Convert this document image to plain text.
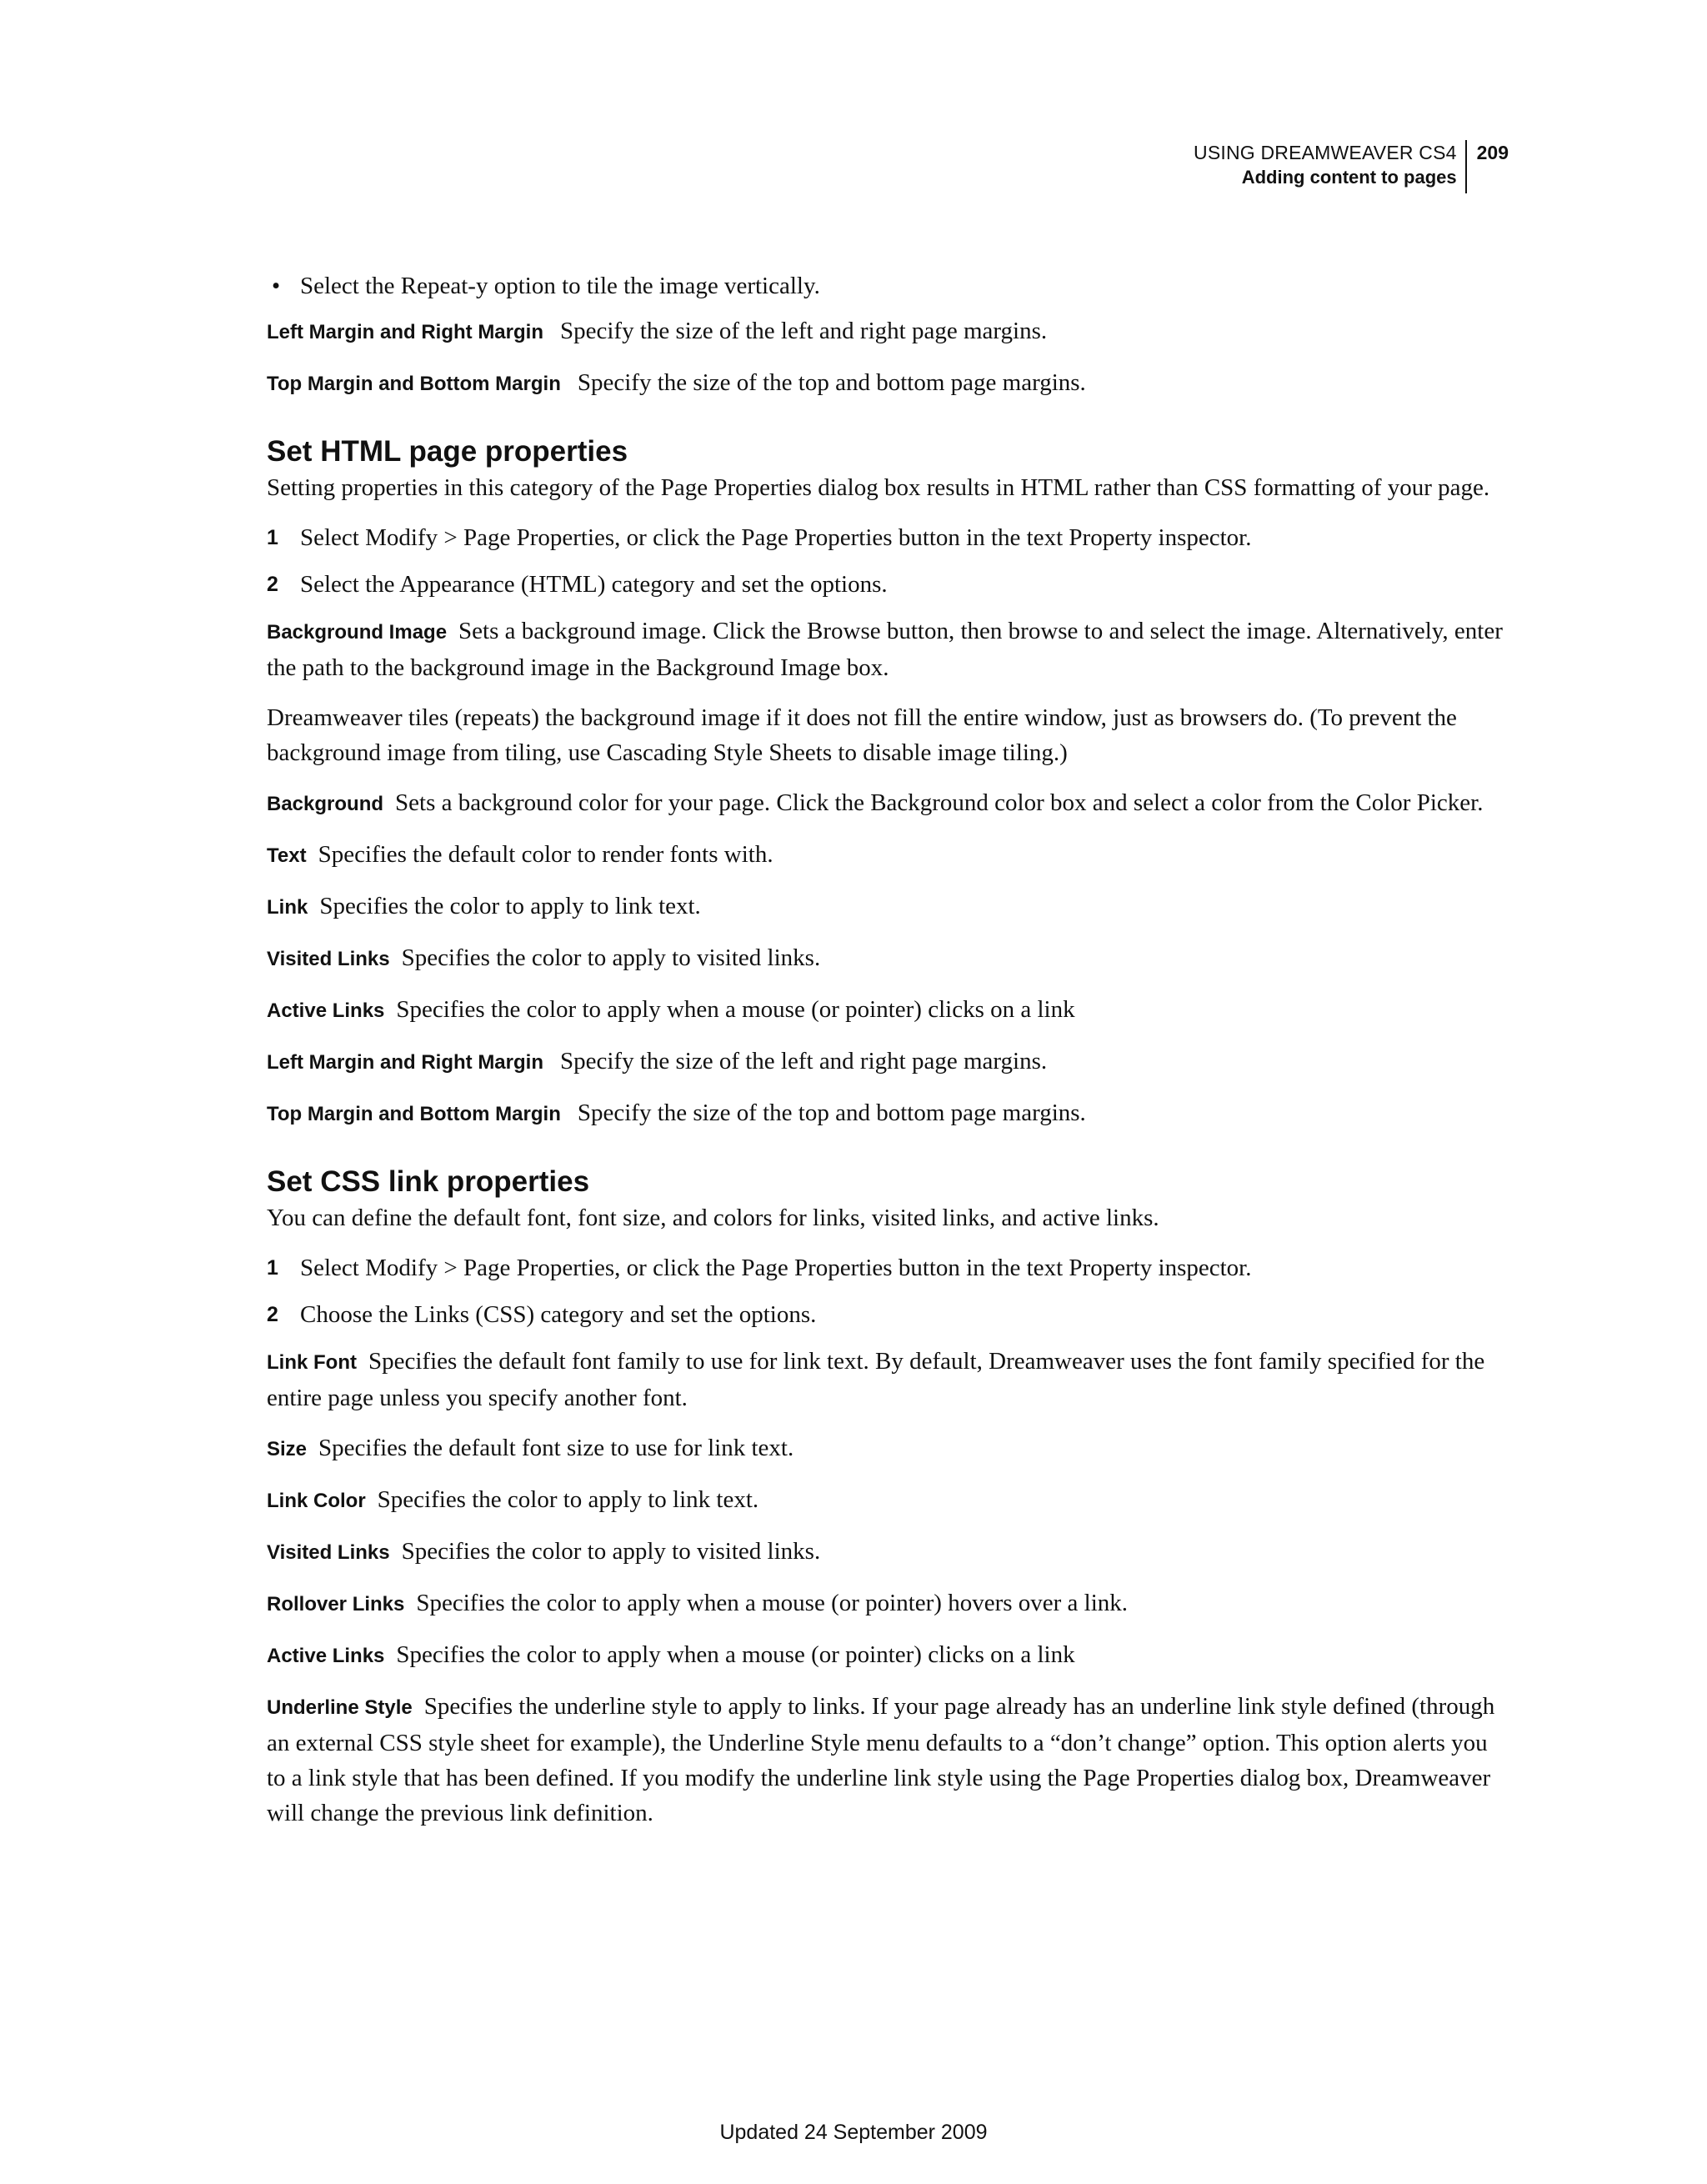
USING DREAMWEAVER CS4
Adding content to pages
209
• Select the Repeat-y option to tile the image vertically.

Left Margin and Right Margin Specify the size of the left and right page margins.

Top Margin and Bottom Margin Specify the size of the top and bottom page margins.

Set HTML page properties

Setting properties in this category of the Page Properties dialog box results in HTML rather than CSS formatting of your page.

1 Select Modify > Page Properties, or click the Page Properties button in the text Property inspector.
2 Select the Appearance (HTML) category and set the options.

Background Image Sets a background image. Click the Browse button, then browse to and select the image. Alternatively, enter the path to the background image in the Background Image box.

Dreamweaver tiles (repeats) the background image if it does not fill the entire window, just as browsers do. (To prevent the background image from tiling, use Cascading Style Sheets to disable image tiling.)

Background Sets a background color for your page. Click the Background color box and select a color from the Color Picker.

Text Specifies the default color to render fonts with.

Link Specifies the color to apply to link text.

Visited Links Specifies the color to apply to visited links.

Active Links Specifies the color to apply when a mouse (or pointer) clicks on a link

Left Margin and Right Margin Specify the size of the left and right page margins.

Top Margin and Bottom Margin Specify the size of the top and bottom page margins.

Set CSS link properties

You can define the default font, font size, and colors for links, visited links, and active links.

1 Select Modify > Page Properties, or click the Page Properties button in the text Property inspector.
2 Choose the Links (CSS) category and set the options.

Link Font Specifies the default font family to use for link text. By default, Dreamweaver uses the font family specified for the entire page unless you specify another font.

Size Specifies the default font size to use for link text.

Link Color Specifies the color to apply to link text.

Visited Links Specifies the color to apply to visited links.

Rollover Links Specifies the color to apply when a mouse (or pointer) hovers over a link.

Active Links Specifies the color to apply when a mouse (or pointer) clicks on a link

Underline Style Specifies the underline style to apply to links. If your page already has an underline link style defined (through an external CSS style sheet for example), the Underline Style menu defaults to a “don’t change” option. This option alerts you to a link style that has been defined. If you modify the underline link style using the Page Properties dialog box, Dreamweaver will change the previous link definition.

Updated 24 September 2009
